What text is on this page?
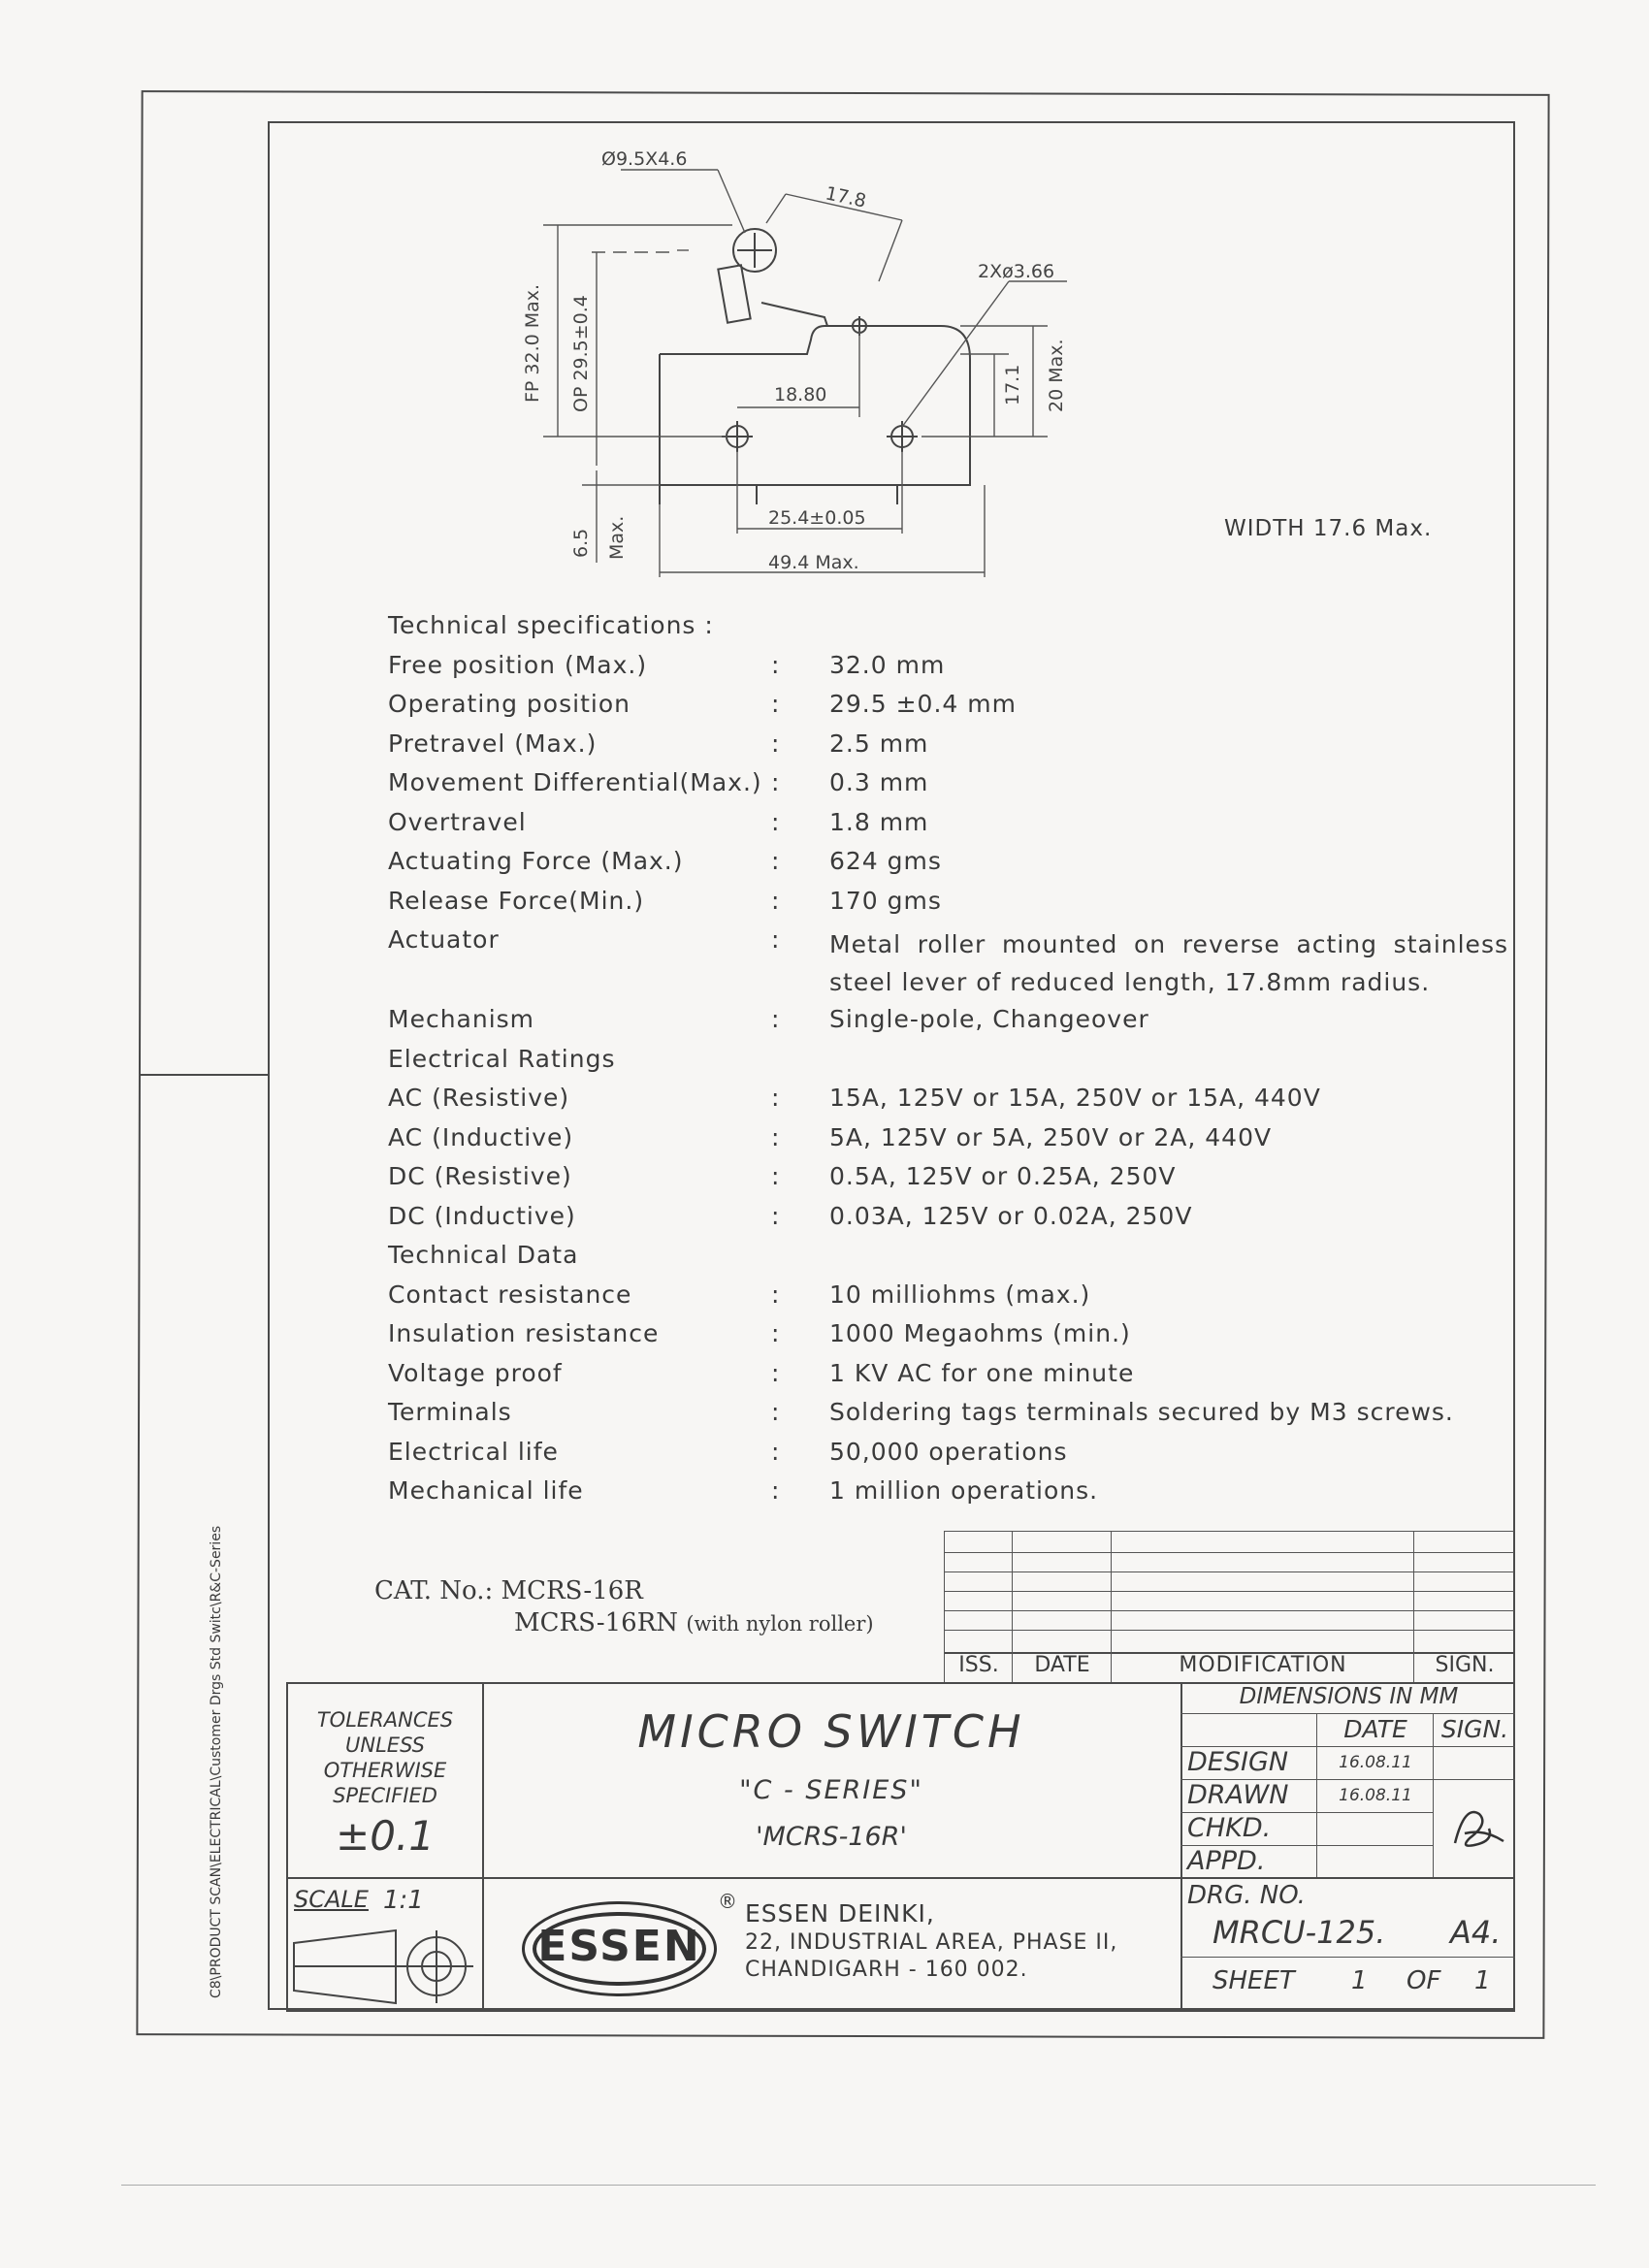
C8\PRODUCT SCAN\ELECTRICAL\Customer Drgs Std Switc\R&C-Series
Ø9.5X4.6
17.8
2Xø3.66
FP 32.0 Max. OP 29.5±0.4	18.80	17.1 20 Max.
6.5 Max.	25.4±0.05
49.4 Max.
WIDTH 17.6 Max.
Technical specifications :
Free position (Max.)	: 32.0 mm
Operating position	: 29.5 ±0.4 mm
Pretravel (Max.)	: 2.5 mm
Movement Differential(Max.) : 0.3 mm
Overtravel	: 1.8 mm
Actuating Force (Max.)	: 624 gms
Release Force(Min.)	: 170 gms
Actuator	: Metal roller mounted on reverse acting stainless steel lever of reduced length, 17.8mm radius.
Mechanism	: Single-pole, Changeover
Electrical Ratings
AC (Resistive)	: 15A, 125V or 15A, 250V or 15A, 440V
AC (Inductive)	: 5A, 125V or 5A, 250V or 2A, 440V
DC (Resistive)	: 0.5A, 125V or 0.25A, 250V
DC (Inductive)	: 0.03A, 125V or 0.02A, 250V
Technical Data
Contact resistance	: 10 milliohms (max.)
Insulation resistance	: 1000 Megaohms (min.)
Voltage proof	: 1 KV AC for one minute
Terminals	: Soldering tags terminals secured by M3 screws.
Electrical life	: 50,000 operations
Mechanical life	: 1 million operations.
CAT. No.: MCRS-16R
MCRS-16RN (with nylon roller)
ISS.	DATE	MODIFICATION	SIGN.
TOLERANCES
UNLESS
OTHERWISE
SPECIFIED
±0.1
MICRO SWITCH
"C - SERIES"
'MCRS-16R'
DIMENSIONS IN MM
DATE	SIGN.
DESIGN	16.08.11
DRAWN	16.08.11
CHKD.
APPD.
SCALE 1:1
ESSEN
® ESSEN DEINKI,
22, INDUSTRIAL AREA, PHASE II,
CHANDIGARH - 160 002.
DRG. NO.
MRCU-125. A4.
SHEET 1 OF 1
